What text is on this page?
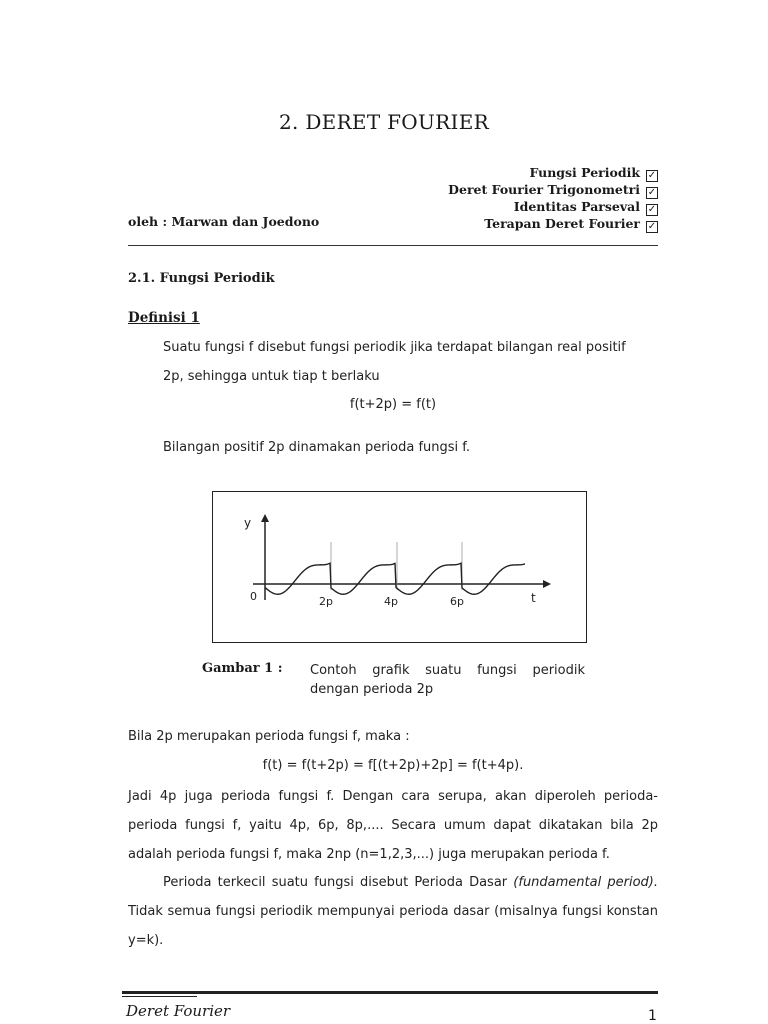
2. DERET FOURIER
Fungsi Periodik ✓
Deret Fourier Trigonometri ✓
Identitas Parseval ✓
Terapan Deret Fourier ✓
oleh : Marwan dan Joedono
2.1. Fungsi Periodik
Definisi 1
Suatu fungsi f disebut fungsi periodik jika terdapat bilangan real positif
2p, sehingga untuk tiap t berlaku
f(t+2p) = f(t)
Bilangan positif 2p dinamakan perioda fungsi f.
y
0	2p	4p	6p	t
Gambar 1 : Contoh grafik suatu fungsi periodik dengan perioda 2p
Bila 2p merupakan perioda fungsi f, maka :
f(t) = f(t+2p) = f[(t+2p)+2p] = f(t+4p).
Jadi 4p juga perioda fungsi f. Dengan cara serupa, akan diperoleh perioda-perioda fungsi f, yaitu 4p, 6p, 8p,.... Secara umum dapat dikatakan bila 2p adalah perioda fungsi f, maka 2np (n=1,2,3,...) juga merupakan perioda f.
Perioda terkecil suatu fungsi disebut Perioda Dasar (fundamental period). Tidak semua fungsi periodik mempunyai perioda dasar (misalnya fungsi konstan y=k).
Deret Fourier	1
